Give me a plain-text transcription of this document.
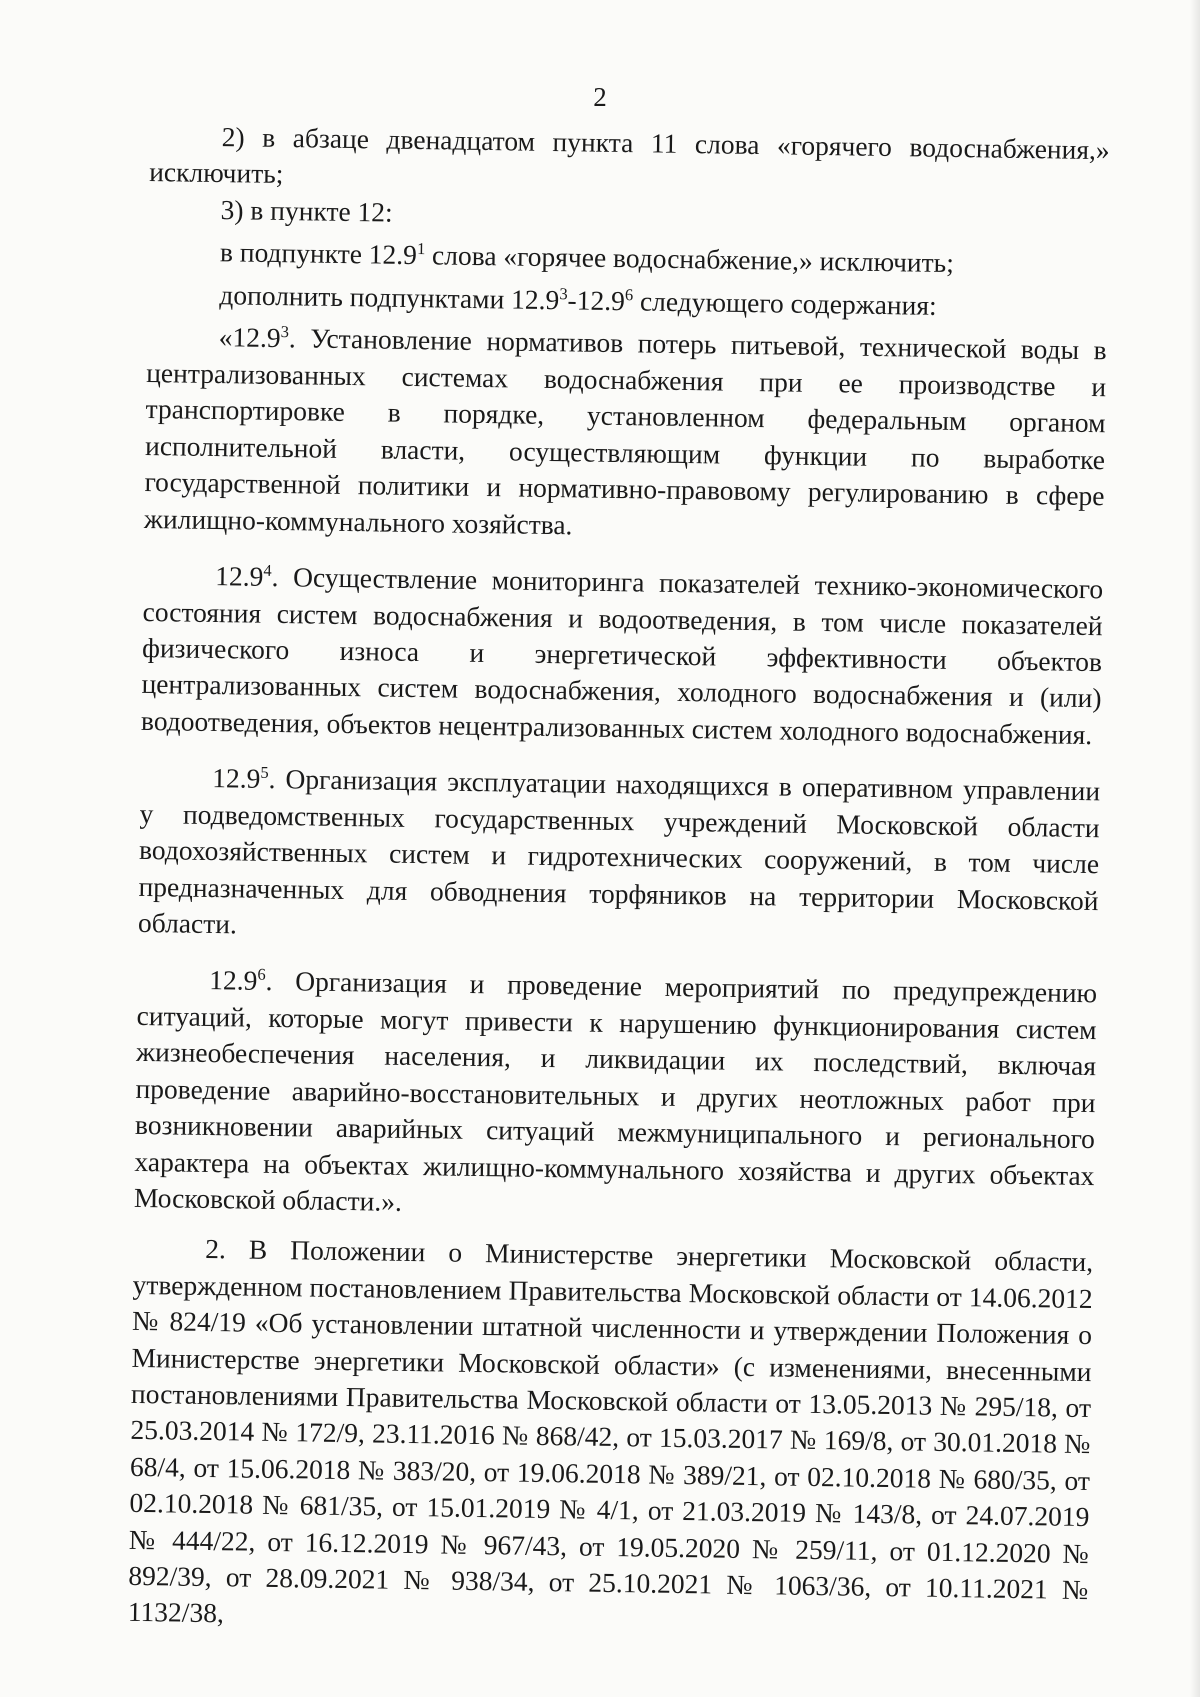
2

2) в абзаце двенадцатом пункта 11 слова «горячего водоснабжения,» исключить;

3) в пункте 12:

в подпункте 12.9$^1$ слова «горячее водоснабжение,» исключить;

дополнить подпунктами 12.9$^3$-12.9$^6$ следующего содержания:

«12.9$^3$. Установление нормативов потерь питьевой, технической воды в централизованных системах водоснабжения при ее производстве и транспортировке в порядке, установленном федеральным органом исполнительной власти, осуществляющим функции по выработке государственной политики и нормативно-правовому регулированию в сфере жилищно-коммунального хозяйства.

12.9$^4$. Осуществление мониторинга показателей технико-экономического состояния систем водоснабжения и водоотведения, в том числе показателей физического износа и энергетической эффективности объектов централизованных систем водоснабжения, холодного водоснабжения и (или) водоотведения, объектов нецентрализованных систем холодного водоснабжения.

12.9$^5$. Организация эксплуатации находящихся в оперативном управлении у подведомственных государственных учреждений Московской области водохозяйственных систем и гидротехнических сооружений, в том числе предназначенных для обводнения торфяников на территории Московской области.

12.9$^6$. Организация и проведение мероприятий по предупреждению ситуаций, которые могут привести к нарушению функционирования систем жизнеобеспечения населения, и ликвидации их последствий, включая проведение аварийно-восстановительных и других неотложных работ при возникновении аварийных ситуаций межмуниципального и регионального характера на объектах жилищно-коммунального хозяйства и других объектах Московской области.».

2. В Положении о Министерстве энергетики Московской области, утвержденном постановлением Правительства Московской области от 14.06.2012 № 824/19 «Об установлении штатной численности и утверждении Положения о Министерстве энергетики Московской области» (с изменениями, внесенными постановлениями Правительства Московской области от 13.05.2013 № 295/18, от 25.03.2014 № 172/9, 23.11.2016 № 868/42, от 15.03.2017 № 169/8, от 30.01.2018 № 68/4, от 15.06.2018 № 383/20, от 19.06.2018 № 389/21, от 02.10.2018 № 680/35, от 02.10.2018 № 681/35, от 15.01.2019 № 4/1, от 21.03.2019 № 143/8, от 24.07.2019 № 444/22, от 16.12.2019 № 967/43, от 19.05.2020 № 259/11, от 01.12.2020 № 892/39, от 28.09.2021 № 938/34, от 25.10.2021 № 1063/36, от 10.11.2021 № 1132/38,
